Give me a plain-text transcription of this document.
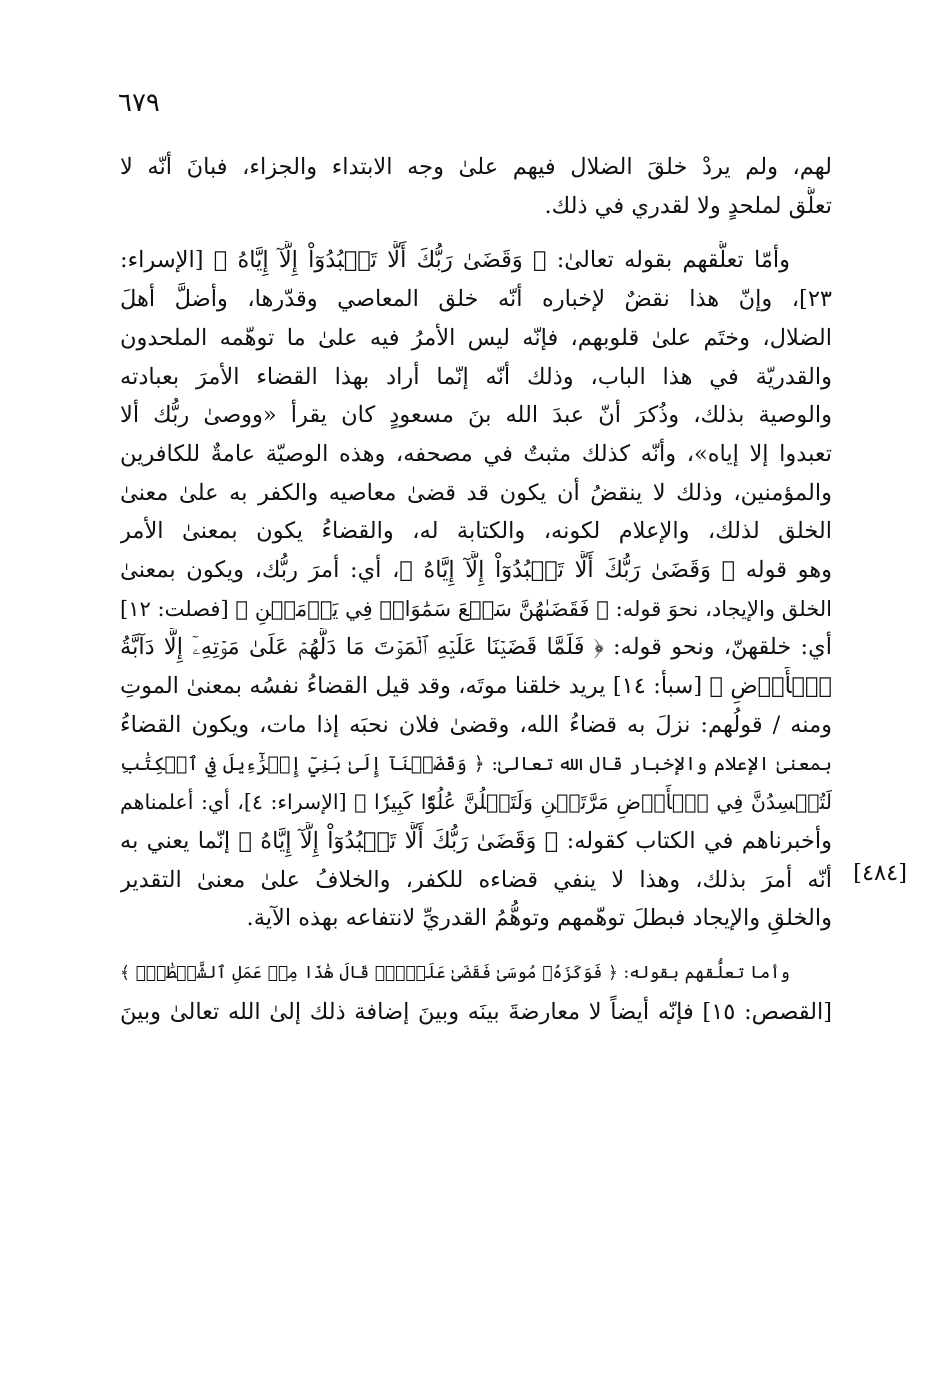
٦٧٩
[٤٨٤]
لهم، ولم يردْ خلقَ الضلال فيهم علىٰ وجه الابتداء والجزاء، فبانَ أنّه لا
تعلُّق لملحدٍ ولا لقدري في ذلك.
وأمّا تعلُّقهم بقوله تعالىٰ: ﴿ وَقَضَىٰ رَبُّكَ أَلَّا تَعۡبُدُوٓاْ إِلَّآ إِيَّاهُ ﴾ [الإسراء:
٢٣]، وإنّ هذا نقضٌ لإخباره أنّه خلق المعاصي وقدّرها، وأضلَّ أهلَ
الضلال، وختَم علىٰ قلوبهم، فإنّه ليس الأمرُ فيه علىٰ ما توهّمه الملحدون
والقدريّة في هذا الباب، وذلك أنّه إنّما أراد بهذا القضاء الأمرَ بعبادته
والوصية بذلك، وذُكرَ أنّ عبدَ الله بنَ مسعودٍ كان يقرأ «ووصىٰ ربُّك ألا
تعبدوا إلا إياه»، وأنّه كذلك مثبتٌ في مصحفه، وهذه الوصيّة عامةٌ للكافرين
والمؤمنين، وذلك لا ينقضُ أن يكون قد قضىٰ معاصيه والكفر به علىٰ معنىٰ
الخلق لذلك، والإعلام لكونه، والكتابة له، والقضاءُ يكون بمعنىٰ الأمر
وهو قوله ﴿ وَقَضَىٰ رَبُّكَ أَلَّا تَعۡبُدُوٓاْ إِلَّآ إِيَّاهُ ﴾، أي: أمرَ ربُّك، ويكون بمعنىٰ
الخلق والإيجاد، نحوَ قوله: ﴿ فَقَضَىٰهُنَّ سَبۡعَ سَمَٰوَاتٖ فِي يَوۡمَيۡنِ ﴾ [فصلت: ١٢]
أي: خلقهنّ، ونحو قوله: ﴿ فَلَمَّا قَضَيۡنَا عَلَيۡهِ ٱلۡمَوۡتَ مَا دَلَّهُمۡ عَلَىٰ مَوۡتِهِۦٓ إِلَّا دَآبَّةُ
ٱلۡأَرۡضِ ﴾ [سبأ: ١٤] يريد خلقنا موتَه، وقد قيل القضاءُ نفسُه بمعنىٰ الموتِ
ومنه / قولُهم: نزلَ به قضاءُ الله، وقضىٰ فلان نحبَه إذا مات، ويكون القضاءُ
بمعنىٰ الإعلام والإخبار قال الله تعالىٰ: ﴿ وَقَضَيۡنَآ إِلَىٰ بَنِيٓ إِسۡرَٰٓءِيلَ فِي ٱلۡكِتَٰبِ
لَتُفۡسِدُنَّ فِي ٱلۡأَرۡضِ مَرَّتَيۡنِ وَلَتَعۡلُنَّ عُلُوّٗا كَبِيرٗا ﴾ [الإسراء: ٤]، أي: أعلمناهم
وأخبرناهم في الكتاب كقوله: ﴿ وَقَضَىٰ رَبُّكَ أَلَّا تَعۡبُدُوٓاْ إِلَّآ إِيَّاهُ ﴾ إنّما يعني به
أنّه أمرَ بذلك، وهذا لا ينفي قضاءه للكفر، والخلافُ علىٰ معنىٰ التقدير
والخلقِ والإيجاد فبطلَ توهّمهم وتوهُّمُ القدريِّ لانتفاعه بهذه الآية.
وأما تعلُّقهم بقوله: ﴿ فَوَكَزَهُۥ مُوسَىٰ فَقَضَىٰ عَلَيۡهِۖ قَالَ هَٰذَا مِنۡ عَمَلِ ٱلشَّيۡطَٰنِۖ ﴾
[القصص: ١٥] فإنّه أيضاً لا معارضةَ بينَه وبينَ إضافة ذلك إلىٰ الله تعالىٰ وبينَ
